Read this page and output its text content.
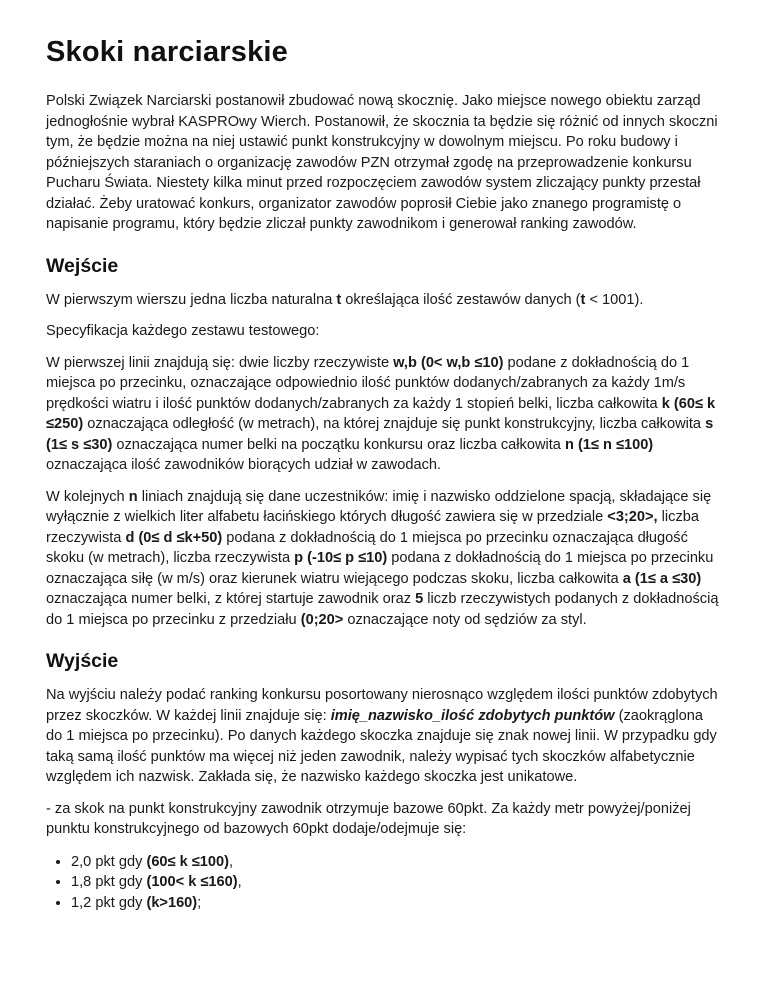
Skoki narciarskie

Polski Związek Narciarski postanowił zbudować nową skocznię. Jako miejsce nowego obiektu zarząd jednogłośnie wybrał KASPROwy Wierch. Postanowił, że skocznia ta będzie się różnić od innych skoczni tym, że będzie można na niej ustawić punkt konstrukcyjny w dowolnym miejscu. Po roku budowy i późniejszych staraniach o organizację zawodów PZN otrzymał zgodę na przeprowadzenie konkursu Pucharu Świata. Niestety kilka minut przed rozpoczęciem zawodów system zliczający punkty przestał działać. Żeby uratować konkurs, organizator zawodów poprosił Ciebie jako znanego programistę o napisanie programu, który będzie zliczał punkty zawodnikom i generował ranking zawodów.

Wejście

W pierwszym wierszu jedna liczba naturalna t określająca ilość zestawów danych (t < 1001).

Specyfikacja każdego zestawu testowego:

W pierwszej linii znajdują się: dwie liczby rzeczywiste w,b (0< w,b ≤10) podane z dokładnością do 1 miejsca po przecinku, oznaczające odpowiednio ilość punktów dodanych/zabranych za każdy 1m/s prędkości wiatru i ilość punktów dodanych/zabranych za każdy 1 stopień belki, liczba całkowita k (60≤ k ≤250) oznaczająca odległość (w metrach), na której znajduje się punkt konstrukcyjny, liczba całkowita s (1≤ s ≤30) oznaczająca numer belki na początku konkursu oraz liczba całkowita n (1≤ n ≤100) oznaczająca ilość zawodników biorących udział w zawodach.

W kolejnych n liniach znajdują się dane uczestników: imię i nazwisko oddzielone spacją, składające się wyłącznie z wielkich liter alfabetu łacińskiego których długość zawiera się w przedziale <3;20>, liczba rzeczywista d (0≤ d ≤k+50) podana z dokładnością do 1 miejsca po przecinku oznaczająca długość skoku (w metrach), liczba rzeczywista p (-10≤ p ≤10) podana z dokładnością do 1 miejsca po przecinku oznaczająca siłę (w m/s) oraz kierunek wiatru wiejącego podczas skoku, liczba całkowita a (1≤ a ≤30) oznaczająca numer belki, z której startuje zawodnik oraz 5 liczb rzeczywistych podanych z dokładnością do 1 miejsca po przecinku z przedziału (0;20> oznaczające noty od sędziów za styl.

Wyjście

Na wyjściu należy podać ranking konkursu posortowany nierosnąco względem ilości punktów zdobytych przez skoczków. W każdej linii znajduje się: imię_nazwisko_ilość zdobytych punktów (zaokrąglona do 1 miejsca po przecinku). Po danych każdego skoczka znajduje się znak nowej linii. W przypadku gdy taką samą ilość punktów ma więcej niż jeden zawodnik, należy wypisać tych skoczków alfabetycznie względem ich nazwisk. Zakłada się, że nazwisko każdego skoczka jest unikatowe.

- za skok na punkt konstrukcyjny zawodnik otrzymuje bazowe 60pkt. Za każdy metr powyżej/poniżej punktu konstrukcyjnego od bazowych 60pkt dodaje/odejmuje się:

• 2,0 pkt gdy (60≤ k ≤100),
• 1,8 pkt gdy (100< k ≤160),
• 1,2 pkt gdy (k>160);
